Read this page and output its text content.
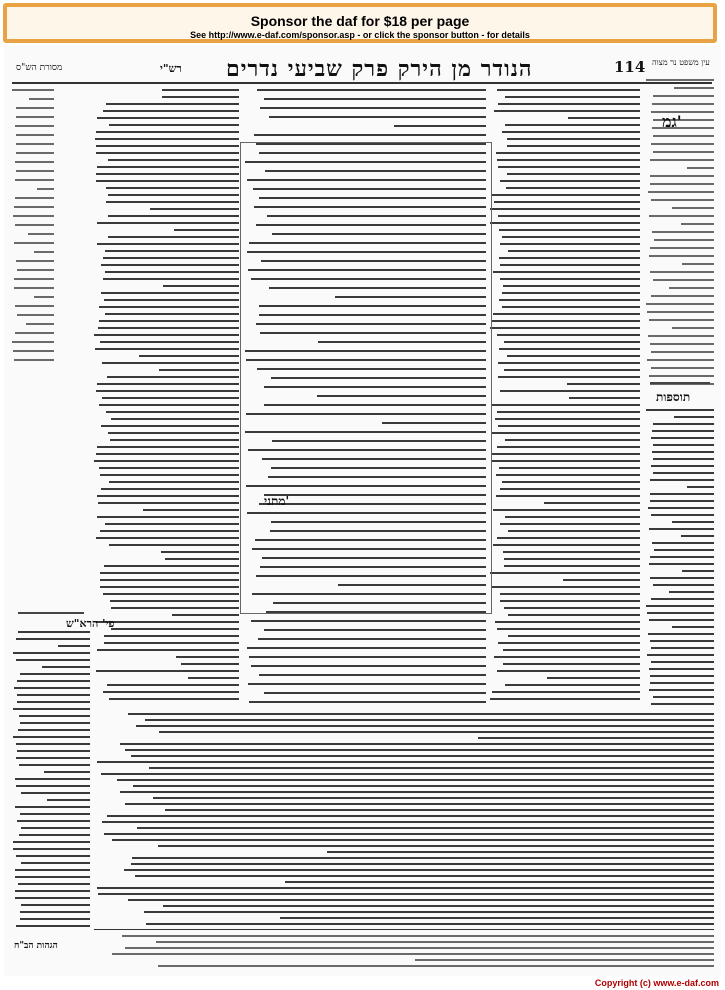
Sponsor the daf for $18 per page
See http://www.e-daf.com/sponsor.asp - or click the sponsor button - for details
מסורת הש"ס	רש"י הנודר מן הירק פרק שביעי נדרים	114 עין משפט נר מצוה
תוספות
פי' הרא"ש
גמ'
מתני'
הגהות הב"ח
Copyright (c) www.e-daf.com
